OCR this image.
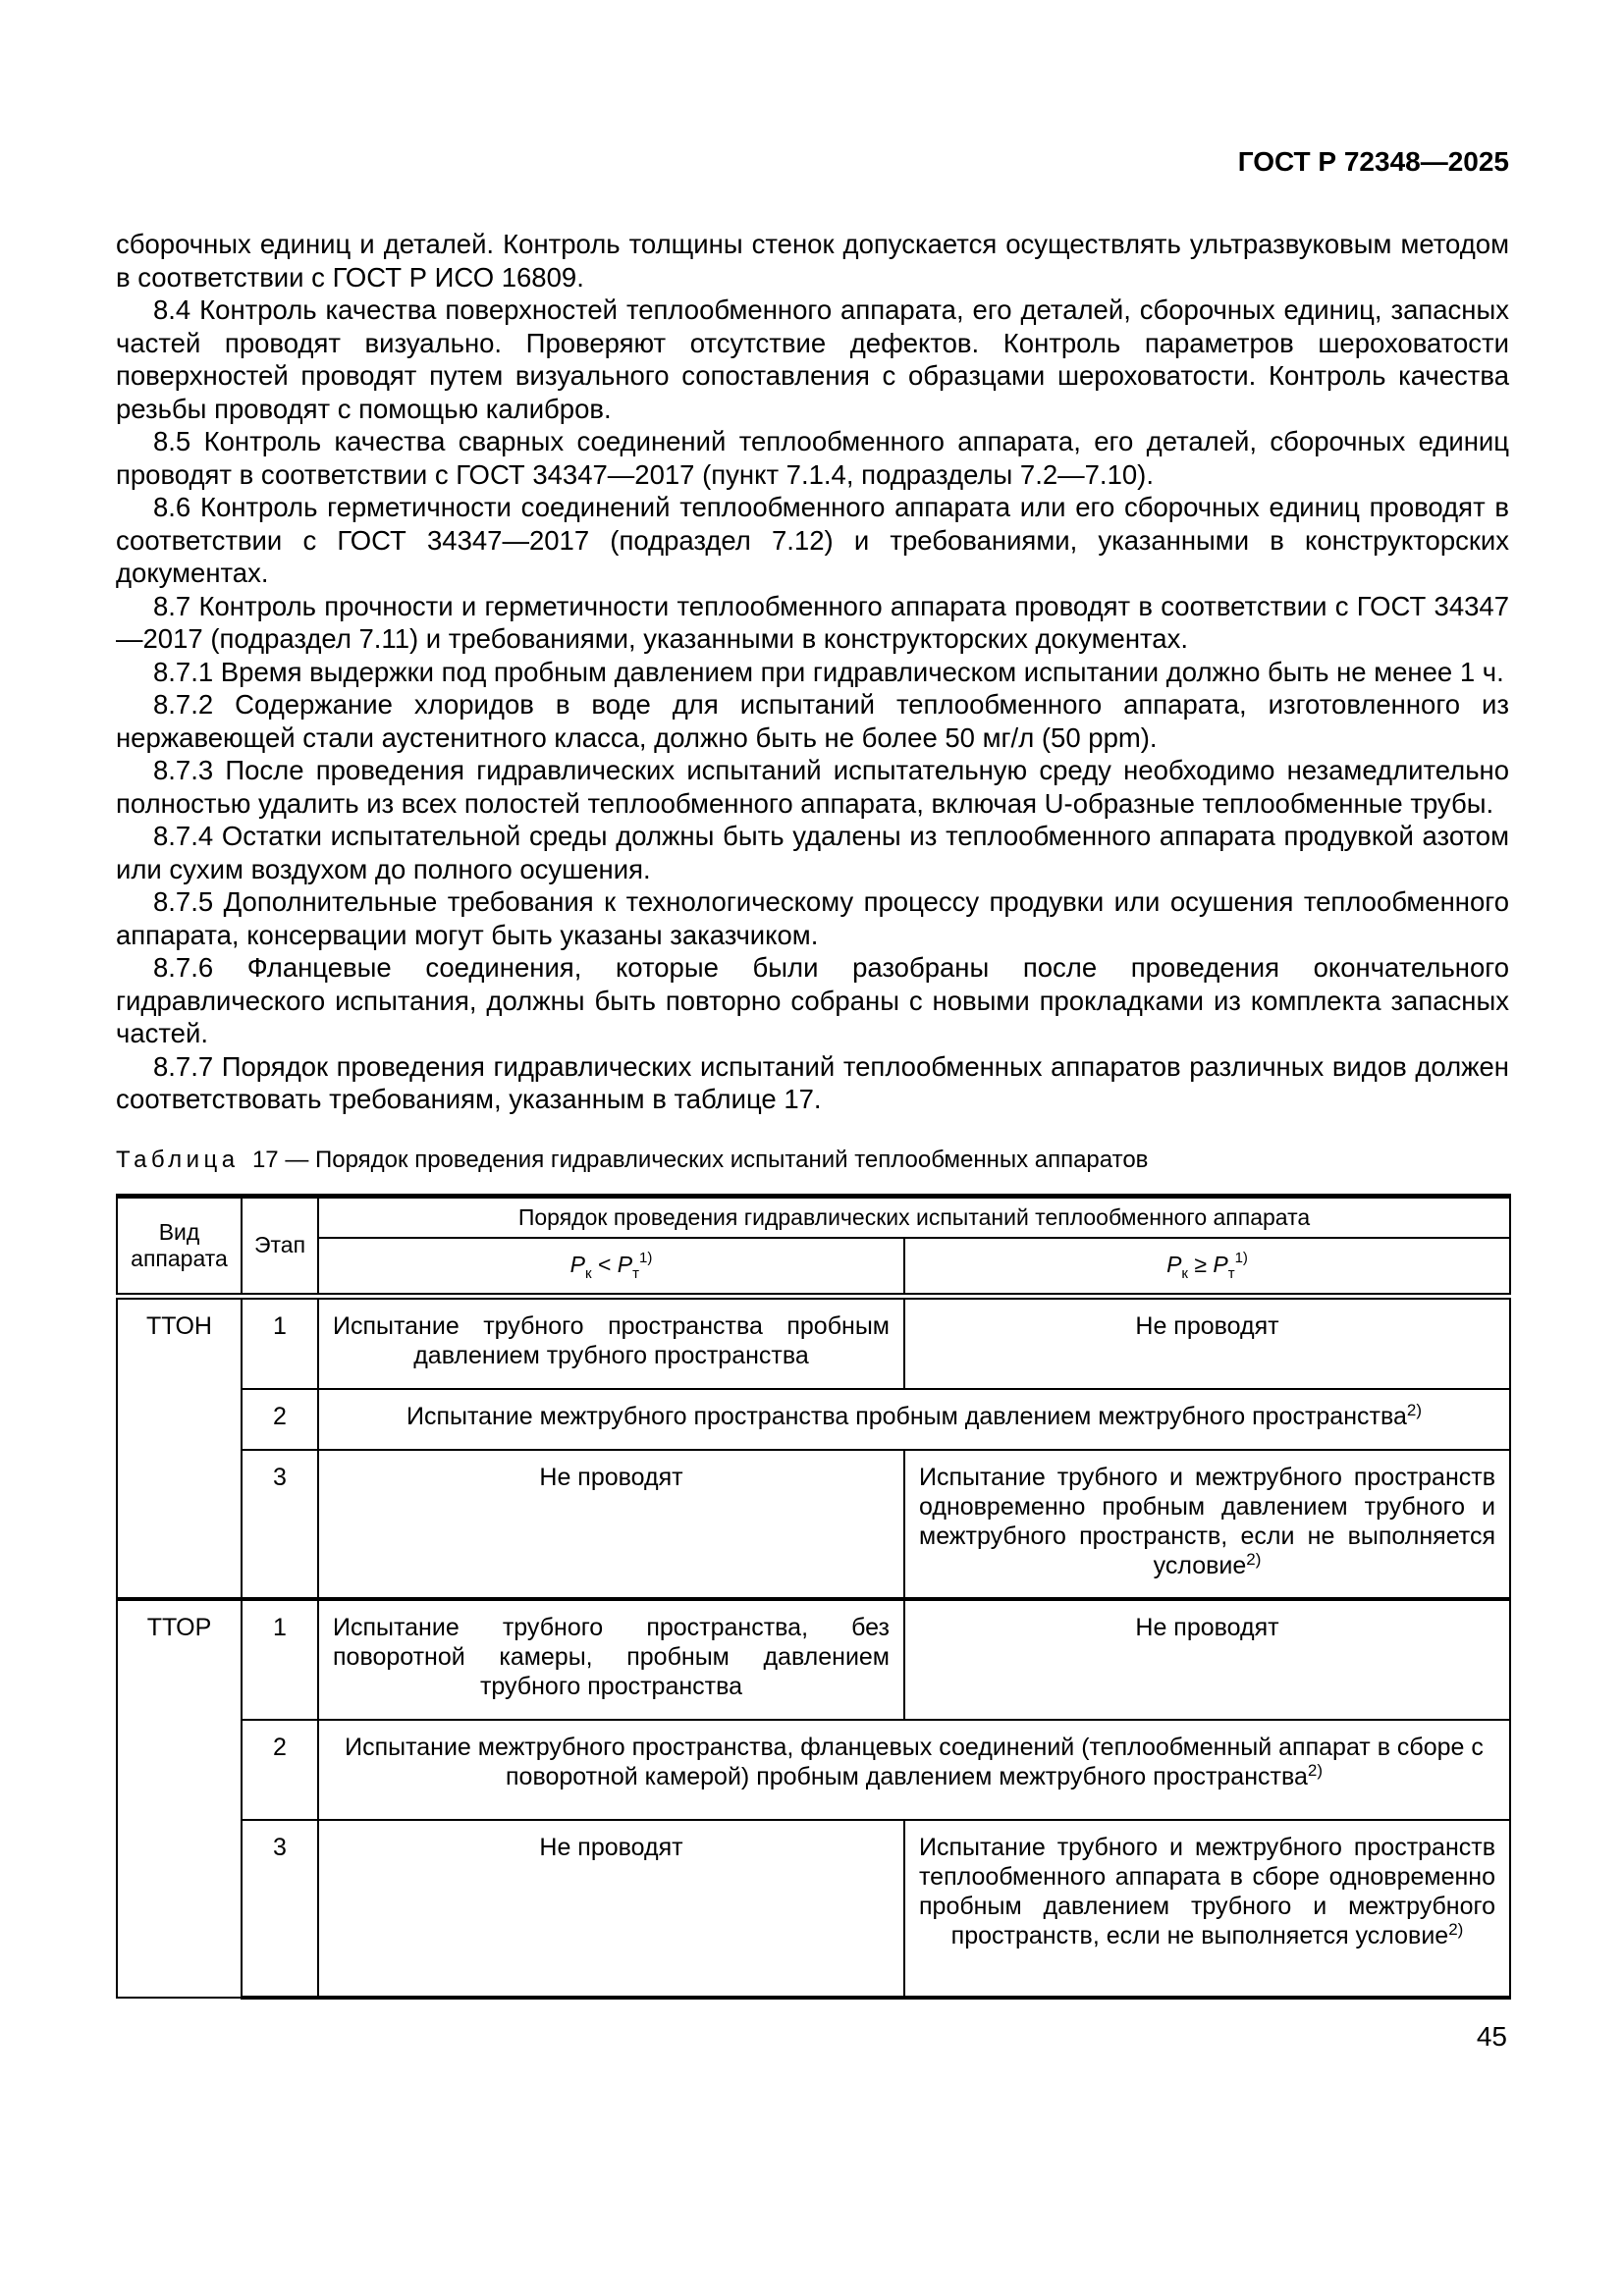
ГОСТ Р 72348—2025

сборочных единиц и деталей. Контроль толщины стенок допускается осуществлять ультразвуковым методом в соответствии с ГОСТ Р ИСО 16809.

8.4 Контроль качества поверхностей теплообменного аппарата, его деталей, сборочных единиц, запасных частей проводят визуально. Проверяют отсутствие дефектов. Контроль параметров шероховатости поверхностей проводят путем визуального сопоставления с образцами шероховатости. Контроль качества резьбы проводят с помощью калибров.

8.5 Контроль качества сварных соединений теплообменного аппарата, его деталей, сборочных единиц проводят в соответствии с ГОСТ 34347—2017 (пункт 7.1.4, подразделы 7.2—7.10).

8.6 Контроль герметичности соединений теплообменного аппарата или его сборочных единиц проводят в соответствии с ГОСТ 34347—2017 (подраздел 7.12) и требованиями, указанными в конструкторских документах.

8.7 Контроль прочности и герметичности теплообменного аппарата проводят в соответствии с ГОСТ 34347—2017 (подраздел 7.11) и требованиями, указанными в конструкторских документах.

8.7.1 Время выдержки под пробным давлением при гидравлическом испытании должно быть не менее 1 ч.

8.7.2 Содержание хлоридов в воде для испытаний теплообменного аппарата, изготовленного из нержавеющей стали аустенитного класса, должно быть не более 50 мг/л (50 ppm).

8.7.3 После проведения гидравлических испытаний испытательную среду необходимо незамедлительно полностью удалить из всех полостей теплообменного аппарата, включая U-образные теплообменные трубы.

8.7.4 Остатки испытательной среды должны быть удалены из теплообменного аппарата продувкой азотом или сухим воздухом до полного осушения.

8.7.5 Дополнительные требования к технологическому процессу продувки или осушения теплообменного аппарата, консервации могут быть указаны заказчиком.

8.7.6 Фланцевые соединения, которые были разобраны после проведения окончательного гидравлического испытания, должны быть повторно собраны с новыми прокладками из комплекта запасных частей.

8.7.7 Порядок проведения гидравлических испытаний теплообменных аппаратов различных видов должен соответствовать требованиям, указанным в таблице 17.

Таблица 17 — Порядок проведения гидравлических испытаний теплообменных аппаратов

Вид аппарата	Этап	Порядок проведения гидравлических испытаний теплообменного аппарата	
		$P_к < P_т^{1)}$	$P_к \ge P_т^{1)}$
ТТОН	1	Испытание трубного пространства пробным давлением трубного пространства	Не проводят
	2	Испытание межтрубного пространства пробным давлением межтрубного пространства$^{2)}$
	3	Не проводят	Испытание трубного и межтрубного пространств одновременно пробным давлением трубного и межтрубного пространств, если не выполняется условие$^{2)}$
ТТОР	1	Испытание трубного пространства, без поворотной камеры, пробным давлением трубного пространства	Не проводят
	2	Испытание межтрубного пространства, фланцевых соединений (теплообменный аппарат в сборе с поворотной камерой) пробным давлением межтрубного пространства$^{2)}$
	3	Не проводят	Испытание трубного и межтрубного пространств теплообменного аппарата в сборе одновременно пробным давлением трубного и межтрубного пространств, если не выполняется условие$^{2)}$
45
